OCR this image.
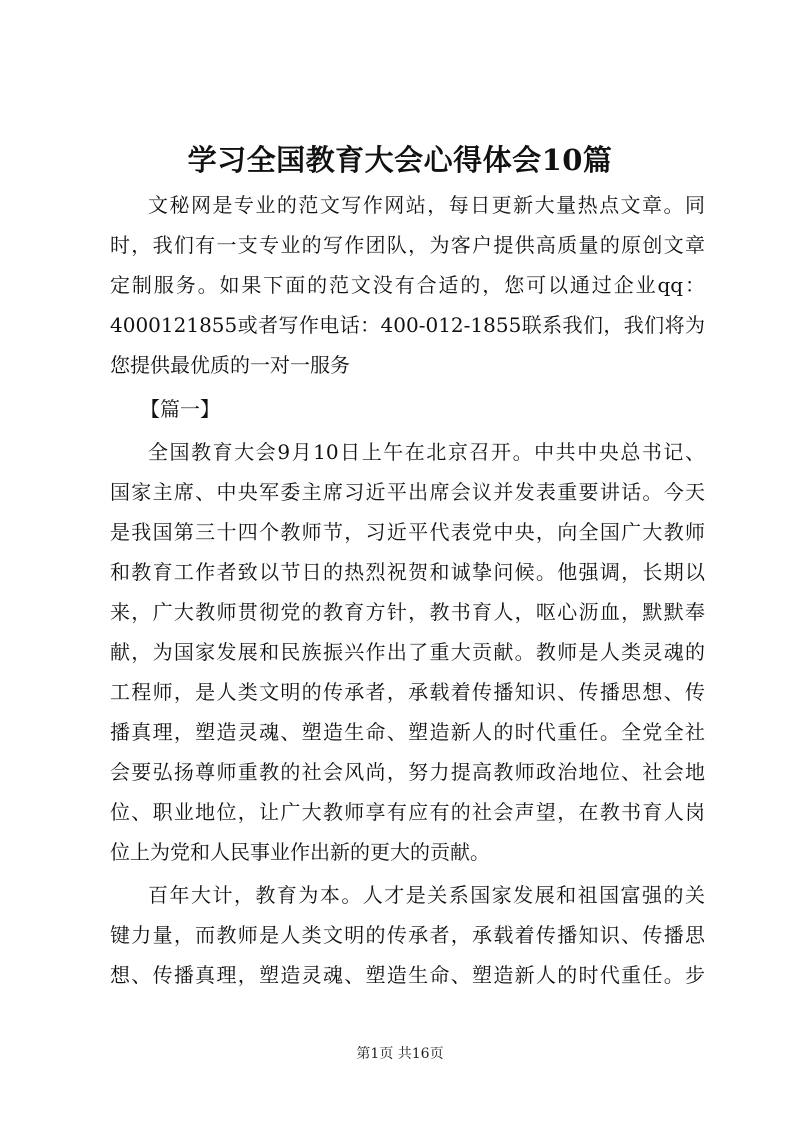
学习全国教育大会心得体会10篇

文秘网是专业的范文写作网站，每日更新大量热点文章。同

时，我们有一支专业的写作团队，为客户提供高质量的原创文章

定制服务。如果下面的范文没有合适的，您可以通过企业qq：

4000121855或者写作电话：400-012-1855联系我们，我们将为

您提供最优质的一对一服务

【篇一】

全国教育大会9月10日上午在北京召开。中共中央总书记、

国家主席、中央军委主席习近平出席会议并发表重要讲话。今天

是我国第三十四个教师节，习近平代表党中央，向全国广大教师

和教育工作者致以节日的热烈祝贺和诚挚问候。他强调，长期以

来，广大教师贯彻党的教育方针，教书育人，呕心沥血，默默奉

献，为国家发展和民族振兴作出了重大贡献。教师是人类灵魂的

工程师，是人类文明的传承者，承载着传播知识、传播思想、传

播真理，塑造灵魂、塑造生命、塑造新人的时代重任。全党全社

会要弘扬尊师重教的社会风尚，努力提高教师政治地位、社会地

位、职业地位，让广大教师享有应有的社会声望，在教书育人岗

位上为党和人民事业作出新的更大的贡献。

百年大计，教育为本。人才是关系国家发展和祖国富强的关

键力量，而教师是人类文明的传承者，承载着传播知识、传播思

想、传播真理，塑造灵魂、塑造生命、塑造新人的时代重任。步

第1页 共16页
